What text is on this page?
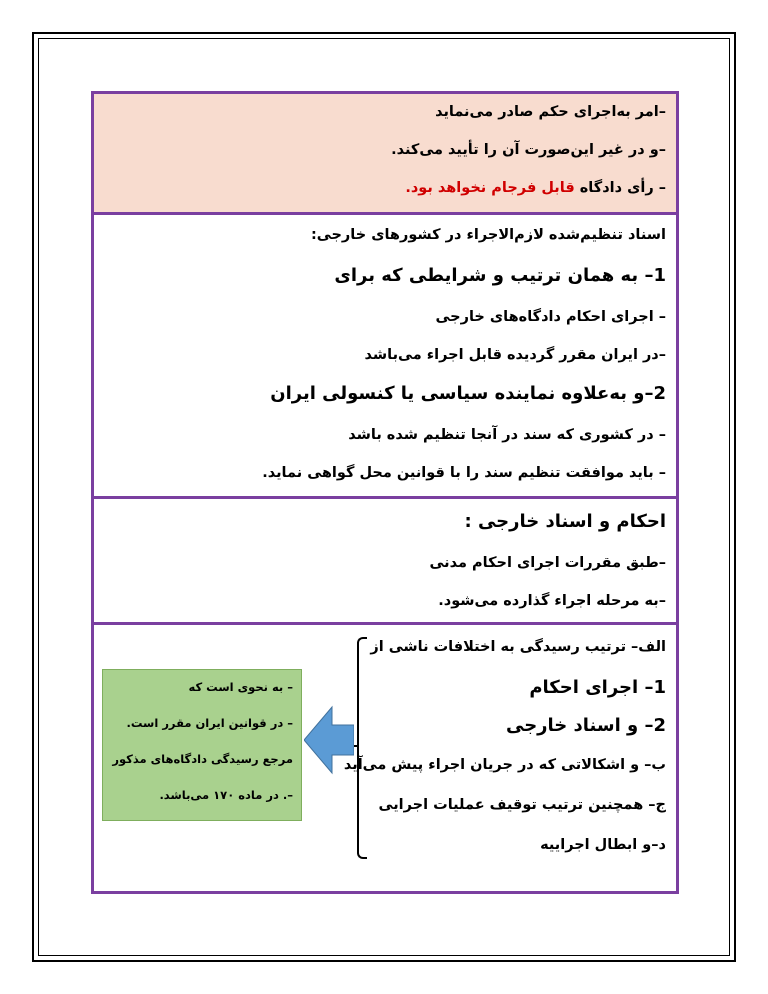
–امر به‌اجرای حکم صادر می‌نماید
–و در غیر این‌صورت آن را تأیید می‌کند.
– رأی دادگاه قابل فرجام نخواهد بود.
اسناد تنظیم‌شده لازم‌الاجراء در کشورهای خارجی:
1– به همان ترتیب و شرایطی که برای
– اجرای احکام دادگاه‌های خارجی
–در ایران مقرر گردیده قابل اجراء می‌باشد
2–و به‌علاوه نماینده سیاسی یا کنسولی ایران
– در کشوری که سند در آنجا تنظیم شده باشد
– باید موافقت تنظیم سند را با قوانین محل گواهی نماید.
احکام و اسناد خارجی :
–طبق مقررات اجرای احکام مدنی
–به مرحله اجراء گذارده می‌شود.
الف– ترتیب رسیدگی به اختلافات ناشی از
1– اجرای احکام
2– و اسناد خارجی
ب– و اشکالاتی که در جریان اجراء پیش می‌آید
ج– همچنین ترتیب توقیف عملیات اجرایی
د–و ابطال اجراییه
– به نحوی است که
– در قوانین ایران مقرر است.
مرجع رسیدگی دادگاه‌های مذکور
–. در ماده ۱۷۰ می‌باشد.
